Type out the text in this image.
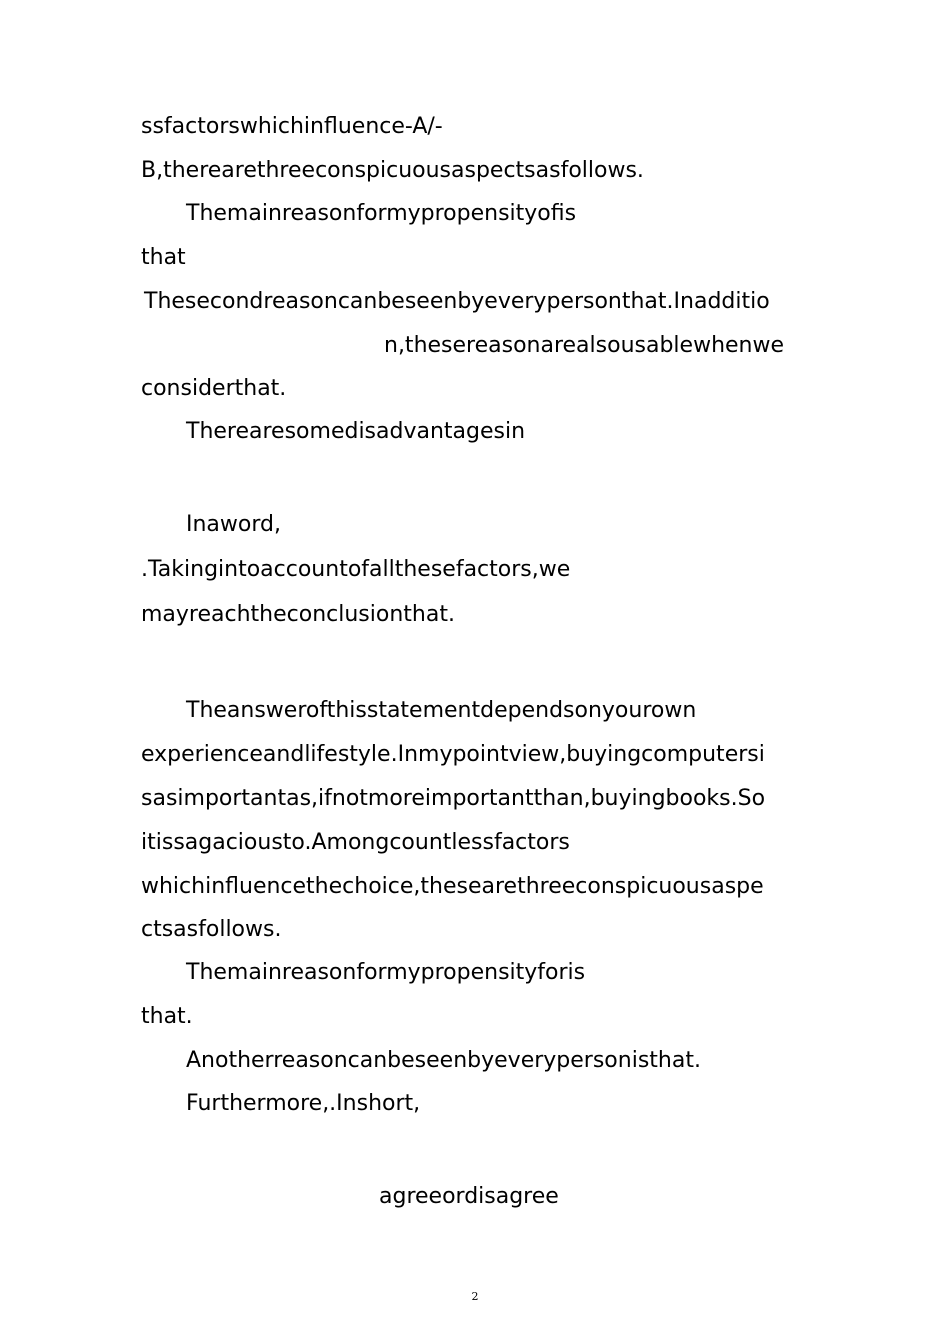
ssfactorswhichinfluence-A/-
B,therearethreeconspicuousaspectsasfollows.
Themainreasonformypropensityofis
that
Thesecondreasoncanbeseenbyeverypersonthat.Inadditio
n,thesereasonarealsousablewhenwe
considerthat.
Therearesomedisadvantagesin
Inaword,
.Takingintoaccountofallthesefactors,we
mayreachtheconclusionthat.
Theanswerofthisstatementdependsonyourown
experienceandlifestyle.Inmypointview,buyingcomputersi
sasimportantas,ifnotmoreimportantthan,buyingbooks.So
itissagaciousto.Amongcountlessfactors
whichinfluencethechoice,thesearethreeconspicuousaspe
ctsasfollows.
Themainreasonformypropensityforis
that.
Anotherreasoncanbeseenbyeverypersonisthat.
Furthermore,.Inshort,
agreeordisagree
2
